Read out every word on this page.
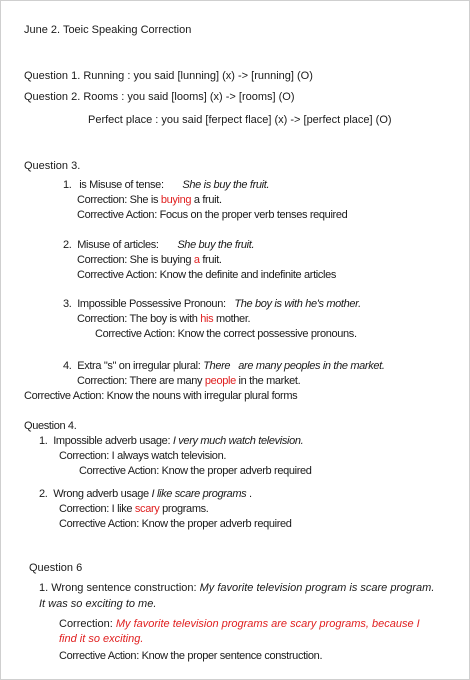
June 2. Toeic Speaking Correction
Question 1. Running : you said [lunning] (x) -> [running] (O)
Question 2. Rooms : you said [looms] (x) -> [rooms] (O)
Perfect place : you said [ferpect flace] (x) -> [perfect place] (O)
Question 3.
1. is Misuse of tense: She is buy the fruit.
Correction: She is buying a fruit.
Corrective Action: Focus on the proper verb tenses required
2. Misuse of articles: She buy the fruit.
Correction: She is buying a fruit.
Corrective Action: Know the definite and indefinite articles
3. Impossible Possessive Pronoun: The boy is with he's mother.
Correction: The boy is with his mother.
Corrective Action: Know the correct possessive pronouns.
4. Extra "s" on irregular plural: There   are many peoples in the market.
Correction: There are many people in the market.
Corrective Action: Know the nouns with irregular plural forms
Question 4.
1. Impossible adverb usage: I very much watch television.
Correction: I always watch television.
Corrective Action: Know the proper adverb required
2. Wrong adverb usage I like scare programs .
Correction: I like scary programs.
Corrective Action: Know the proper adverb required
Question 6
1. Wrong sentence construction: My favorite television program is scare program.
It was so exciting to me.
Correction: My favorite television programs are scary programs, because I
find it so exciting.
Corrective Action: Know the proper sentence construction.
